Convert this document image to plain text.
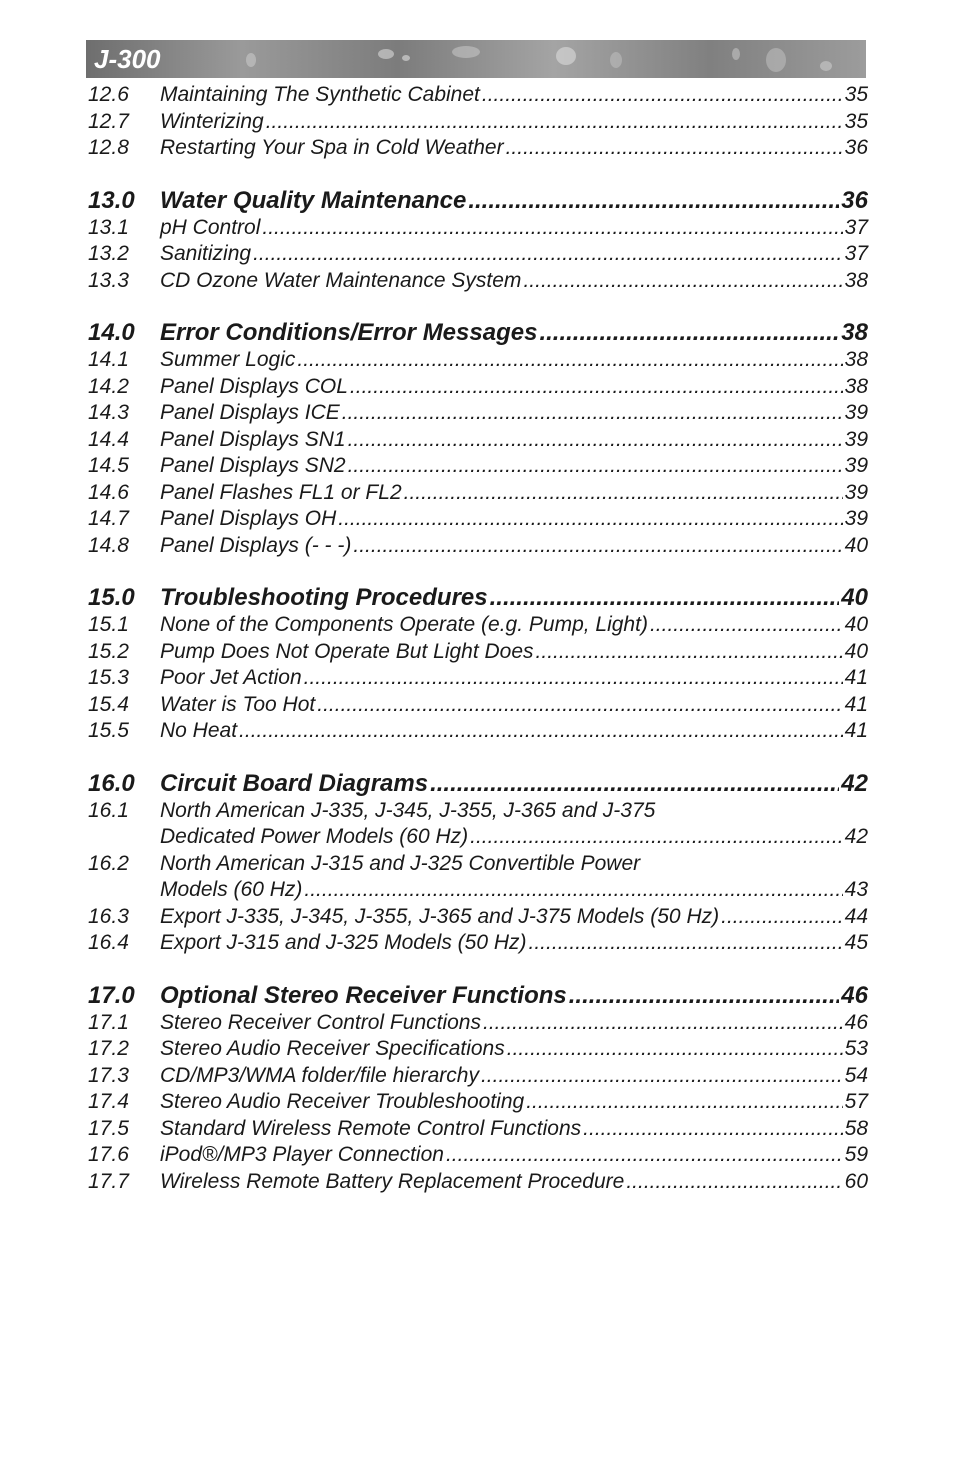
J-300
12.6	Maintaining The Synthetic Cabinet .....	35
12.7	Winterizing .....	35
12.8	Restarting Your Spa in Cold Weather .....	36
13.0	Water Quality Maintenance .....	36
13.1	pH Control .....	37
13.2	Sanitizing .....	37
13.3	CD Ozone Water Maintenance System .....	38
14.0	Error Conditions/Error Messages .....	38
14.1	Summer Logic .....	38
14.2	Panel Displays COL .....	38
14.3	Panel Displays ICE .....	39
14.4	Panel Displays SN1 .....	39
14.5	Panel Displays SN2 .....	39
14.6	Panel Flashes FL1 or FL2 .....	39
14.7	Panel Displays OH .....	39
14.8	Panel Displays (- - -) .....	40
15.0	Troubleshooting Procedures .....	40
15.1	None of the Components Operate (e.g. Pump, Light) .....	40
15.2	Pump Does Not Operate But Light Does .....	40
15.3	Poor Jet Action .....	41
15.4	Water is Too Hot .....	41
15.5	No Heat .....	41
16.0	Circuit Board Diagrams .....	42
16.1	North American J-335, J-345, J-355, J-365 and J-375
Dedicated Power Models (60 Hz) .....	42
16.2	North American J-315 and J-325 Convertible Power
Models (60 Hz) .....	43
16.3	Export J-335, J-345, J-355, J-365 and J-375 Models (50 Hz) .....	44
16.4	Export J-315 and J-325 Models (50 Hz) .....	45
17.0	Optional Stereo Receiver Functions .....	46
17.1	Stereo Receiver Control Functions .....	46
17.2	Stereo Audio Receiver Specifications .....	53
17.3	CD/MP3/WMA folder/file hierarchy .....	54
17.4	Stereo Audio Receiver Troubleshooting .....	57
17.5	Standard Wireless Remote Control Functions .....	58
17.6	iPod®/MP3 Player Connection .....	59
17.7	Wireless Remote Battery Replacement Procedure .....	60
